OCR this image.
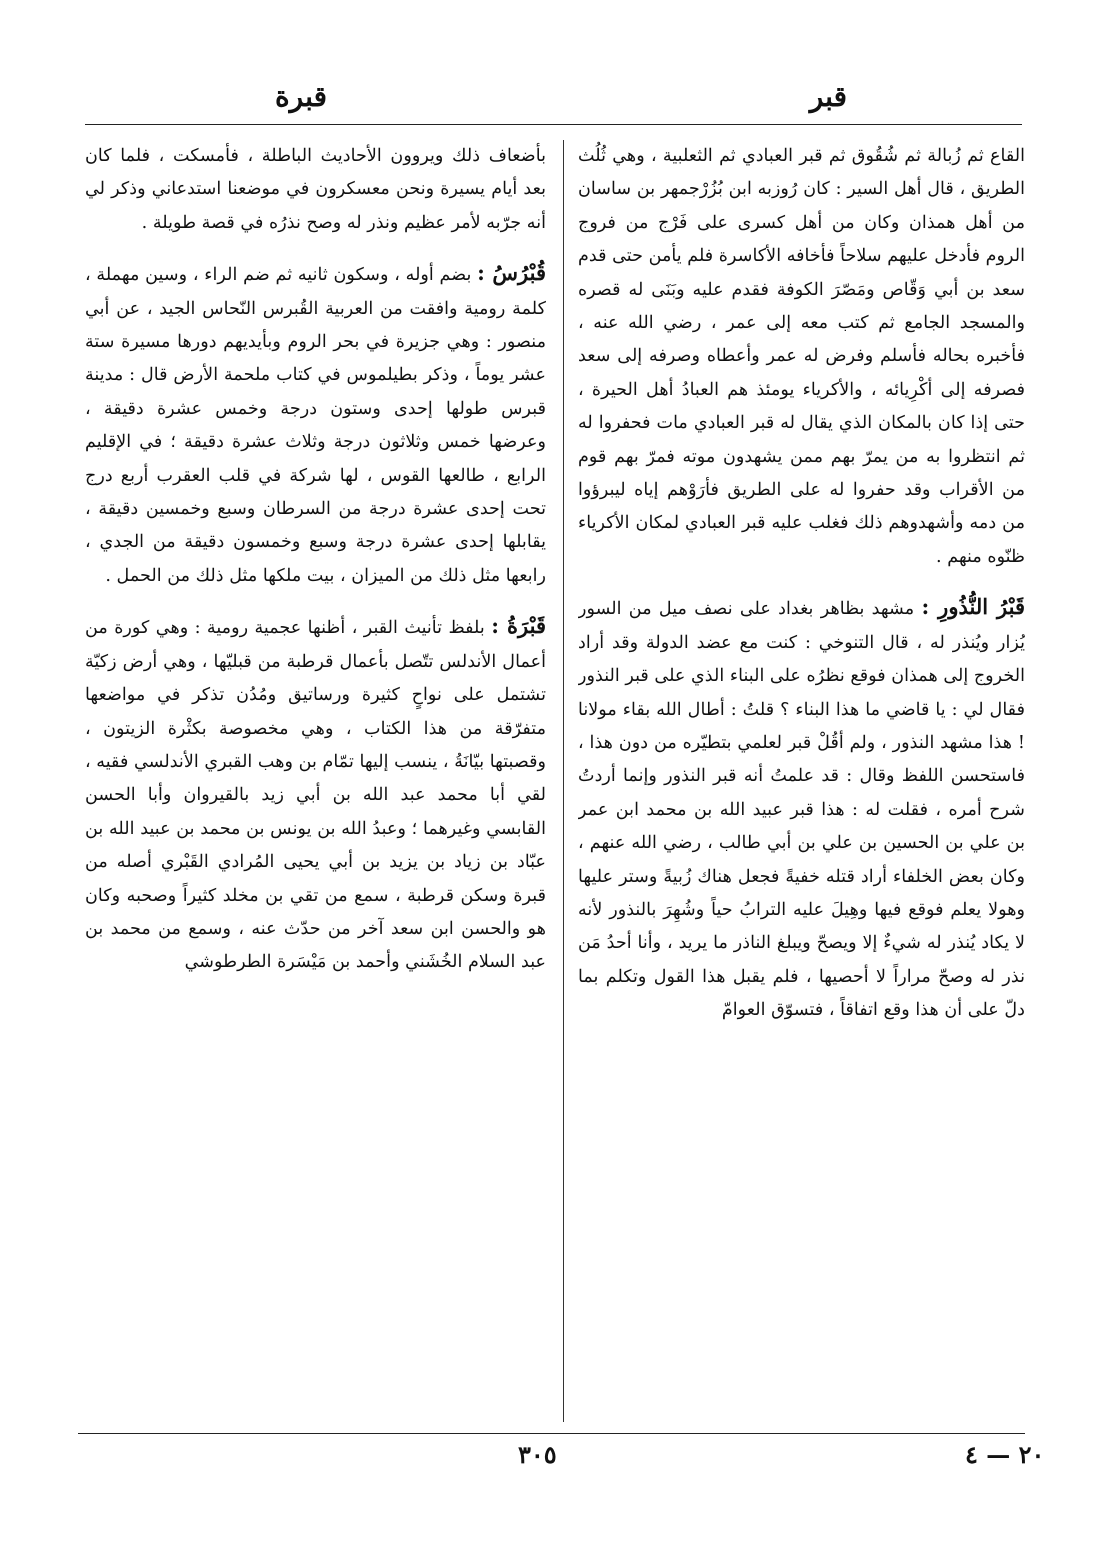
قبر
قبرة

القاع ثم زُبالة ثم شُقُوق ثم قبر العبادي ثم الثعلبية ، وهي ثُلُث الطريق ، قال أهل السير : كان رُوزبه ابن بُزُرْجمهر بن ساسان من أهل همذان وكان من أهل كسرى على فَرْج من فروج الروم فأدخل عليهم سلاحاً فأخافه الأكاسرة فلم يأمن حتى قدم سعد بن أبي وَقّاص ومَصّرَ الكوفة فقدم عليه وبَنَى له قصره والمسجد الجامع ثم كتب معه إلى عمر ، رضي الله عنه ، فأخبره بحاله فأسلم وفرض له عمر وأعطاه وصرفه إلى سعد فصرفه إلى أكْرِيائه ، والأكرياء يومئذ هم العبادُ أهل الحيرة ، حتى إذا كان بالمكان الذي يقال له قبر العبادي مات فحفروا له ثم انتظروا به من يمرّ بهم ممن يشهدون موته فمرّ بهم قوم من الأقراب وقد حفروا له على الطريق فأرَوْهم إياه ليبرؤوا من دمه وأشهدوهم ذلك فغلب عليه قبر العبادي لمكان الأكرياء ظنّوه منهم .

قَبْرُ النُّذُورِ : مشهد بظاهر بغداد على نصف ميل من السور يُزار ويُنذر له ، قال التنوخي : كنت مع عضد الدولة وقد أراد الخروج إلى همذان فوقع نظرُه على البناء الذي على قبر النذور فقال لي : يا قاضي ما هذا البناء ؟ قلتُ : أطال الله بقاء مولانا ! هذا مشهد النذور ، ولم أقُلْ قبر لعلمي بتطيّره من دون هذا ، فاستحسن اللفظ وقال : قد علمتُ أنه قبر النذور وإنما أردتُ شرح أمره ، فقلت له : هذا قبر عبيد الله بن محمد ابن عمر بن علي بن الحسين بن علي بن أبي طالب ، رضي الله عنهم ، وكان بعض الخلفاء أراد قتله خفيةً فجعل هناك زُبيةً وستر عليها وهولا يعلم فوقع فيها وهِيلَ عليه الترابُ حياً وشُهِرَ بالنذور لأنه لا يكاد يُنذر له شيءٌ إلا ويصحّ ويبلغ الناذر ما يريد ، وأنا أحدُ مَن نذر له وصحّ مراراً لا أحصيها ، فلم يقبل هذا القول وتكلم بما دلّ على أن هذا وقع اتفاقاً ، فتسوّق العوامّ

بأضعاف ذلك ويروون الأحاديث الباطلة ، فأمسكت ، فلما كان بعد أيام يسيرة ونحن معسكرون في موضعنا استدعاني وذكر لي أنه جرّبه لأمر عظيم ونذر له وصح نذرُه في قصة طويلة .

قُبْرُسُ : بضم أوله ، وسكون ثانيه ثم ضم الراء ، وسين مهملة ، كلمة رومية وافقت من العربية القُبرس النّحاس الجيد ، عن أبي منصور : وهي جزيرة في بحر الروم وبأيديهم دورها مسيرة ستة عشر يوماً ، وذكر بطيلموس في كتاب ملحمة الأرض قال : مدينة قبرس طولها إحدى وستون درجة وخمس عشرة دقيقة ، وعرضها خمس وثلاثون درجة وثلاث عشرة دقيقة ؛ في الإقليم الرابع ، طالعها القوس ، لها شركة في قلب العقرب أربع درج تحت إحدى عشرة درجة من السرطان وسبع وخمسين دقيقة ، يقابلها إحدى عشرة درجة وسبع وخمسون دقيقة من الجدي ، رابعها مثل ذلك من الميزان ، بيت ملكها مثل ذلك من الحمل .

قَبْرَةُ : بلفظ تأنيث القبر ، أظنها عجمية رومية : وهي كورة من أعمال الأندلس تتّصل بأعمال قرطبة من قبليّها ، وهي أرض زكيّة تشتمل على نواحٍ كثيرة ورساتيق ومُدُن تذكر في مواضعها متفرّقة من هذا الكتاب ، وهي مخصوصة بكثْرة الزيتون ، وقصبتها بيّانَةُ ، ينسب إليها تمّام بن وهب القبري الأندلسي فقيه ، لقي أبا محمد عبد الله بن أبي زيد بالقيروان وأبا الحسن القابسي وغيرهما ؛ وعبدُ الله بن يونس بن محمد بن عبيد الله بن عبّاد بن زياد بن يزيد بن أبي يحيى المُرادي القَبْري أصله من قبرة وسكن قرطبة ، سمع من تقي بن مخلد كثيراً وصحبه وكان هو والحسن ابن سعد آخر من حدّث عنه ، وسمع من محمد بن عبد السلام الخُشَني وأحمد بن مَيْسَرة الطرطوشي

٣٠٥	٢٠ — ٤
